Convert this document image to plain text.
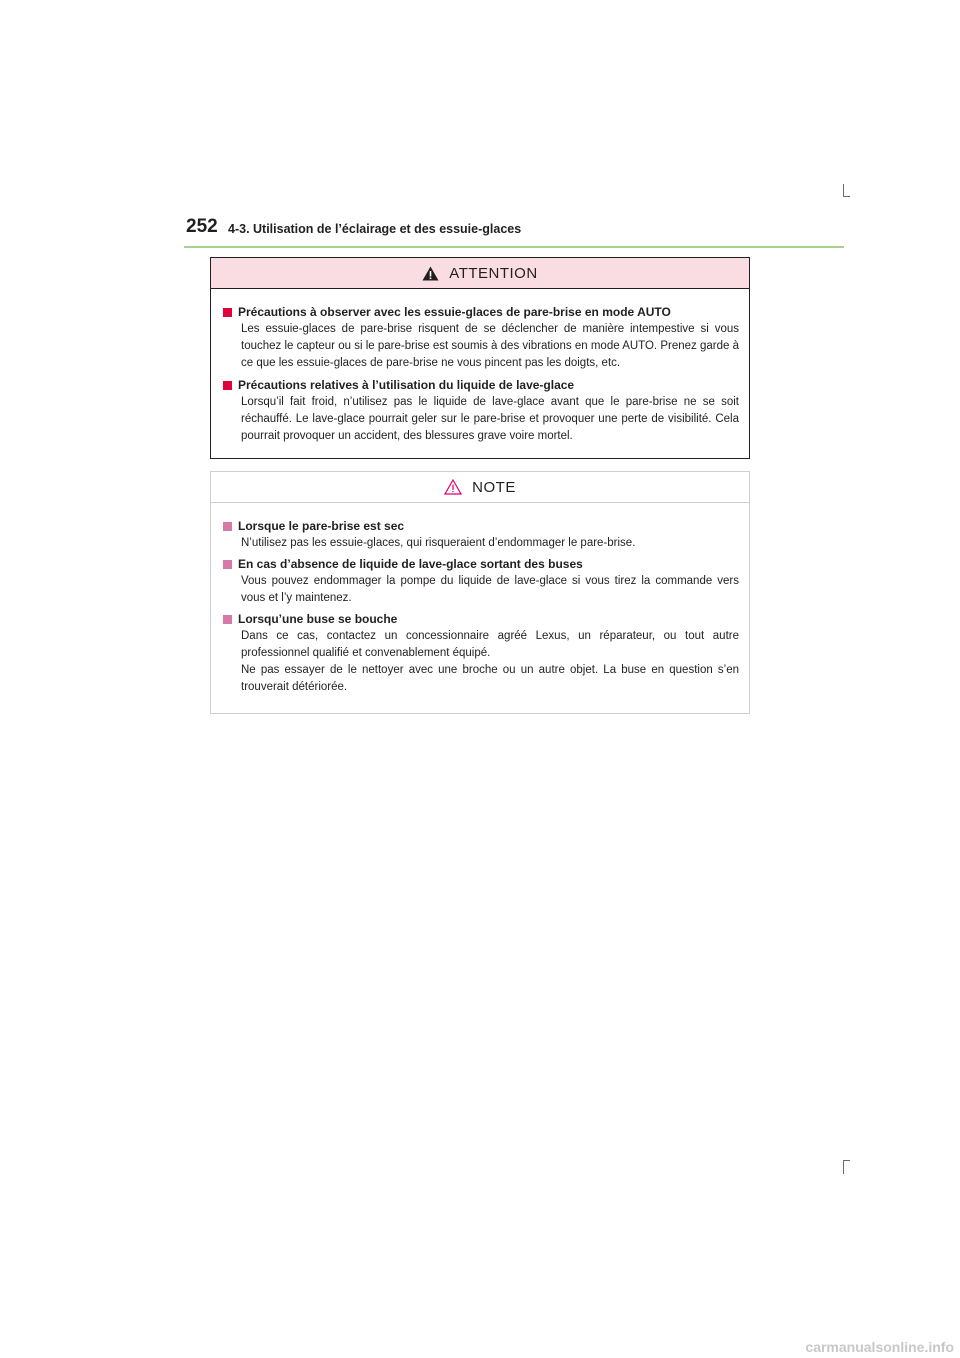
252 4-3. Utilisation de l’éclairage et des essuie-glaces
ATTENTION
Précautions à observer avec les essuie-glaces de pare-brise en mode AUTO
Les essuie-glaces de pare-brise risquent de se déclencher de manière intempestive si vous touchez le capteur ou si le pare-brise est soumis à des vibrations en mode AUTO. Prenez garde à ce que les essuie-glaces de pare-brise ne vous pincent pas les doigts, etc.
Précautions relatives à l’utilisation du liquide de lave-glace
Lorsqu’il fait froid, n’utilisez pas le liquide de lave-glace avant que le pare-brise ne se soit réchauffé. Le lave-glace pourrait geler sur le pare-brise et provoquer une perte de visibilité. Cela pourrait provoquer un accident, des blessures grave voire mortel.
NOTE
Lorsque le pare-brise est sec
N’utilisez pas les essuie-glaces, qui risqueraient d’endommager le pare-brise.
En cas d’absence de liquide de lave-glace sortant des buses
Vous pouvez endommager la pompe du liquide de lave-glace si vous tirez la commande vers vous et l’y maintenez.
Lorsqu’une buse se bouche
Dans ce cas, contactez un concessionnaire agréé Lexus, un réparateur, ou tout autre professionnel qualifié et convenablement équipé.
Ne pas essayer de le nettoyer avec une broche ou un autre objet. La buse en question s’en trouverait détériorée.
carmanualsonline.info
